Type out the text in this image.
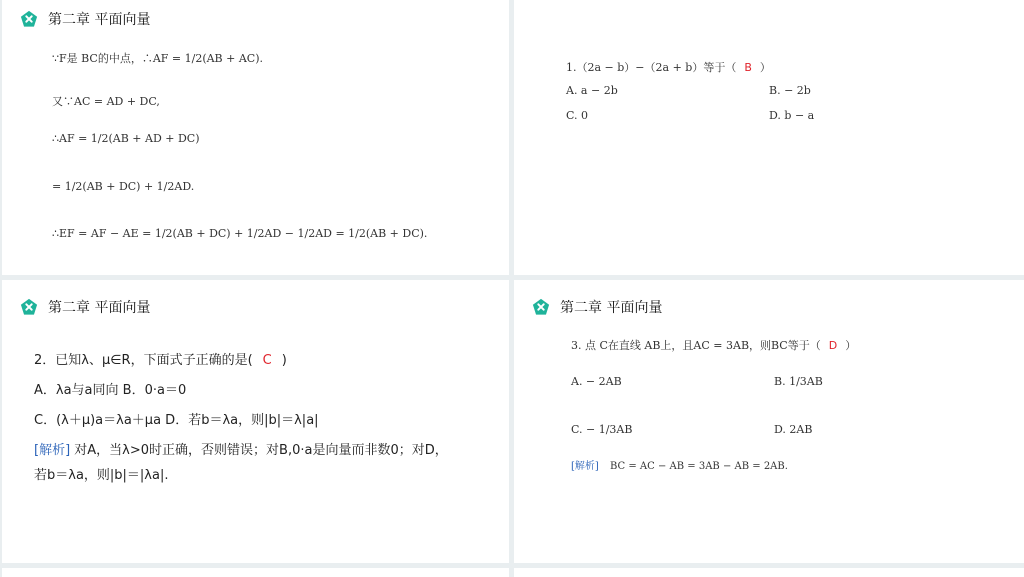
第二章 平面向量
∵F是 BC的中点，∴AF = 1/2(AB + AC).
又∵AC = AD + DC,
∴AF = 1/2(AB + AD + DC)
= 1/2(AB + DC) + 1/2AD.
∴EF = AF − AE = 1/2(AB + DC) + 1/2AD − 1/2AD = 1/2(AB + DC).
1.（2a − b）−（2a + b）等于（ B ）
A. a − 2b	B. − 2b
C. 0	D. b − a
第二章 平面向量
2．已知λ、μ∈R，下面式子正确的是( C )
A．λa与a同向 B．0·a＝0
C．(λ＋μ)a＝λa＋μa D．若b＝λa，则|b|＝λ|a|
[解析] 对A，当λ>0时正确，否则错误；对B,0·a是向量而非数0；对D，
若b＝λa，则|b|＝|λa|.
第二章 平面向量
3. 点 C在直线 AB上，且AC = 3AB，则BC等于（ D ）
A. − 2AB	B. 1/3AB
C. − 1/3AB	D. 2AB
[解析] BC = AC − AB = 3AB − AB = 2AB.
